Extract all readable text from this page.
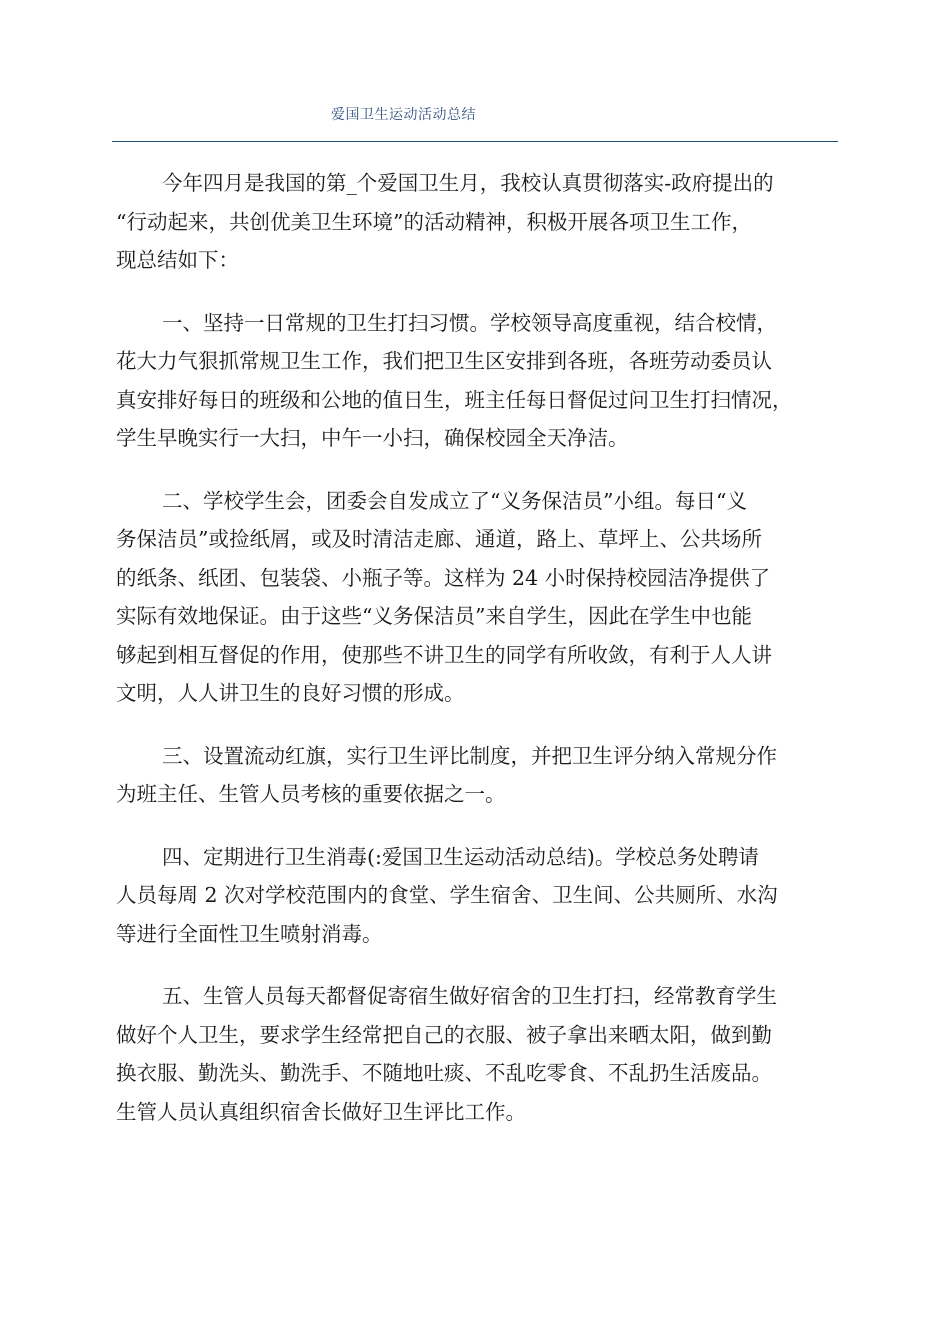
爱国卫生运动活动总结
今年四月是我国的第_个爱国卫生月，我校认真贯彻落实-政府提出的
“行动起来，共创优美卫生环境”的活动精神，积极开展各项卫生工作，
现总结如下：
一、坚持一日常规的卫生打扫习惯。学校领导高度重视，结合校情，
花大力气狠抓常规卫生工作，我们把卫生区安排到各班，各班劳动委员认
真安排好每日的班级和公地的值日生，班主任每日督促过问卫生打扫情况，
学生早晚实行一大扫，中午一小扫，确保校园全天净洁。
二、学校学生会，团委会自发成立了“义务保洁员”小组。每日“义
务保洁员”或捡纸屑，或及时清洁走廊、通道，路上、草坪上、公共场所
的纸条、纸团、包装袋、小瓶子等。这样为 24 小时保持校园洁净提供了
实际有效地保证。由于这些“义务保洁员”来自学生，因此在学生中也能
够起到相互督促的作用，使那些不讲卫生的同学有所收敛，有利于人人讲
文明，人人讲卫生的良好习惯的形成。
三、设置流动红旗，实行卫生评比制度，并把卫生评分纳入常规分作
为班主任、生管人员考核的重要依据之一。
四、定期进行卫生消毒(:爱国卫生运动活动总结)。学校总务处聘请
人员每周 2 次对学校范围内的食堂、学生宿舍、卫生间、公共厕所、水沟
等进行全面性卫生喷射消毒。
五、生管人员每天都督促寄宿生做好宿舍的卫生打扫，经常教育学生
做好个人卫生，要求学生经常把自己的衣服、被子拿出来晒太阳，做到勤
换衣服、勤洗头、勤洗手、不随地吐痰、不乱吃零食、不乱扔生活废品。
生管人员认真组织宿舍长做好卫生评比工作。
